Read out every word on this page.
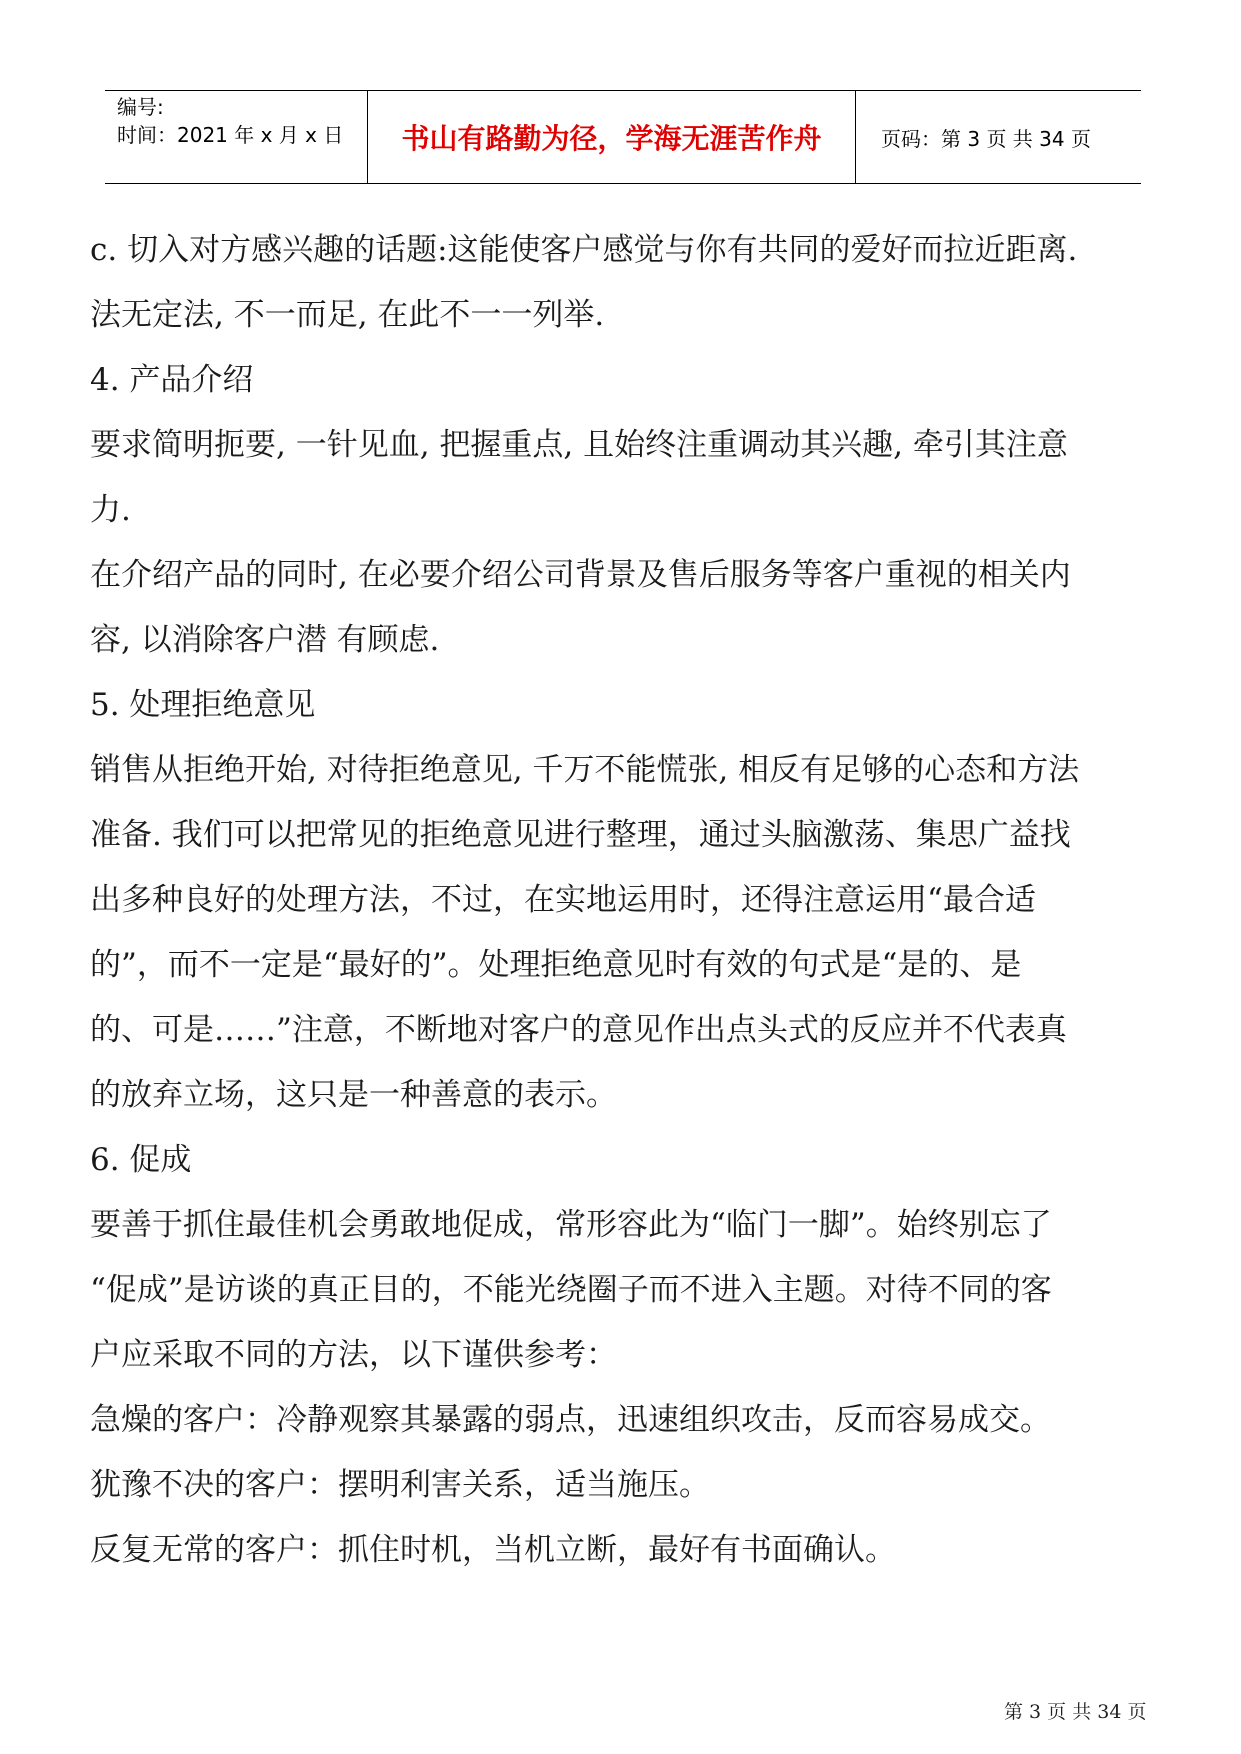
编号:
时间：2021 年 x 月 x 日	书山有路勤为径，学海无涯苦作舟	页码：第 3 页 共 34 页

c. 切入对方感兴趣的话题:这能使客户感觉与你有共同的爱好而拉近距离.

法无定法, 不一而足, 在此不一一列举.

4. 产品介绍

要求简明扼要, 一针见血, 把握重点, 且始终注重调动其兴趣, 牵引其注意

力.

在介绍产品的同时, 在必要介绍公司背景及售后服务等客户重视的相关内

容, 以消除客户潜 有顾虑.

5. 处理拒绝意见

销售从拒绝开始, 对待拒绝意见, 千万不能慌张, 相反有足够的心态和方法

准备. 我们可以把常见的拒绝意见进行整理，通过头脑激荡、集思广益找

出多种良好的处理方法，不过，在实地运用时，还得注意运用“最合适

的”，而不一定是“最好的”。处理拒绝意见时有效的句式是“是的、是

的、可是……”注意，不断地对客户的意见作出点头式的反应并不代表真

的放弃立场，这只是一种善意的表示。

6. 促成

要善于抓住最佳机会勇敢地促成，常形容此为“临门一脚”。始终别忘了

“促成”是访谈的真正目的，不能光绕圈子而不进入主题。对待不同的客

户应采取不同的方法，以下谨供参考：

急燥的客户：冷静观察其暴露的弱点，迅速组织攻击，反而容易成交。

犹豫不决的客户：摆明利害关系，适当施压。

反复无常的客户：抓住时机，当机立断，最好有书面确认。

第 3 页 共 34 页
